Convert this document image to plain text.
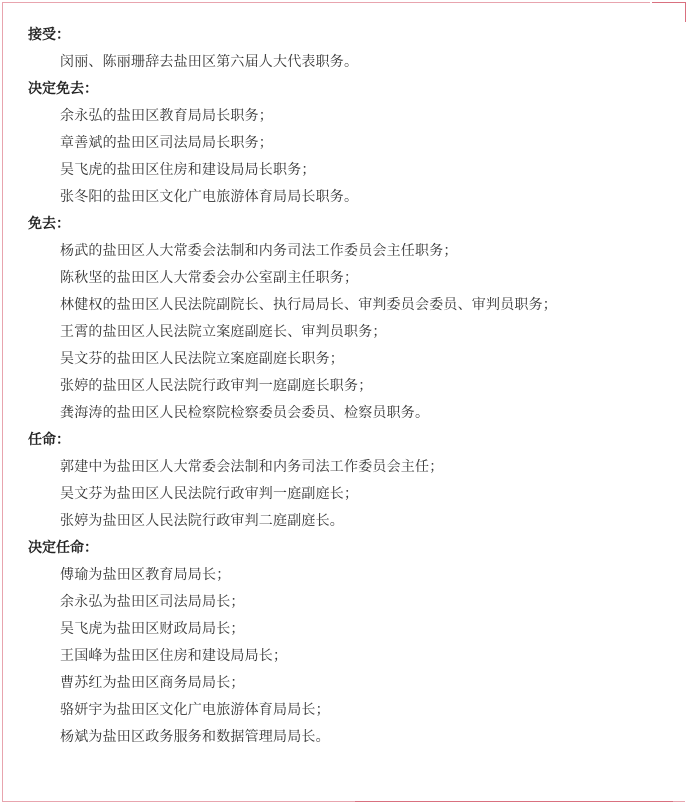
接受：
闵丽、陈丽珊辞去盐田区第六届人大代表职务。
决定免去：
余永弘的盐田区教育局局长职务；
章善斌的盐田区司法局局长职务；
吴飞虎的盐田区住房和建设局局长职务；
张冬阳的盐田区文化广电旅游体育局局长职务。
免去：
杨武的盐田区人大常委会法制和内务司法工作委员会主任职务；
陈秋坚的盐田区人大常委会办公室副主任职务；
林健权的盐田区人民法院副院长、执行局局长、审判委员会委员、审判员职务；
王霄的盐田区人民法院立案庭副庭长、审判员职务；
吴文芬的盐田区人民法院立案庭副庭长职务；
张婷的盐田区人民法院行政审判一庭副庭长职务；
龚海涛的盐田区人民检察院检察委员会委员、检察员职务。
任命：
郭建中为盐田区人大常委会法制和内务司法工作委员会主任；
吴文芬为盐田区人民法院行政审判一庭副庭长；
张婷为盐田区人民法院行政审判二庭副庭长。
决定任命：
傅瑜为盐田区教育局局长；
余永弘为盐田区司法局局长；
吴飞虎为盐田区财政局局长；
王国峰为盐田区住房和建设局局长；
曹苏红为盐田区商务局局长；
骆妍宇为盐田区文化广电旅游体育局局长；
杨斌为盐田区政务服务和数据管理局局长。
